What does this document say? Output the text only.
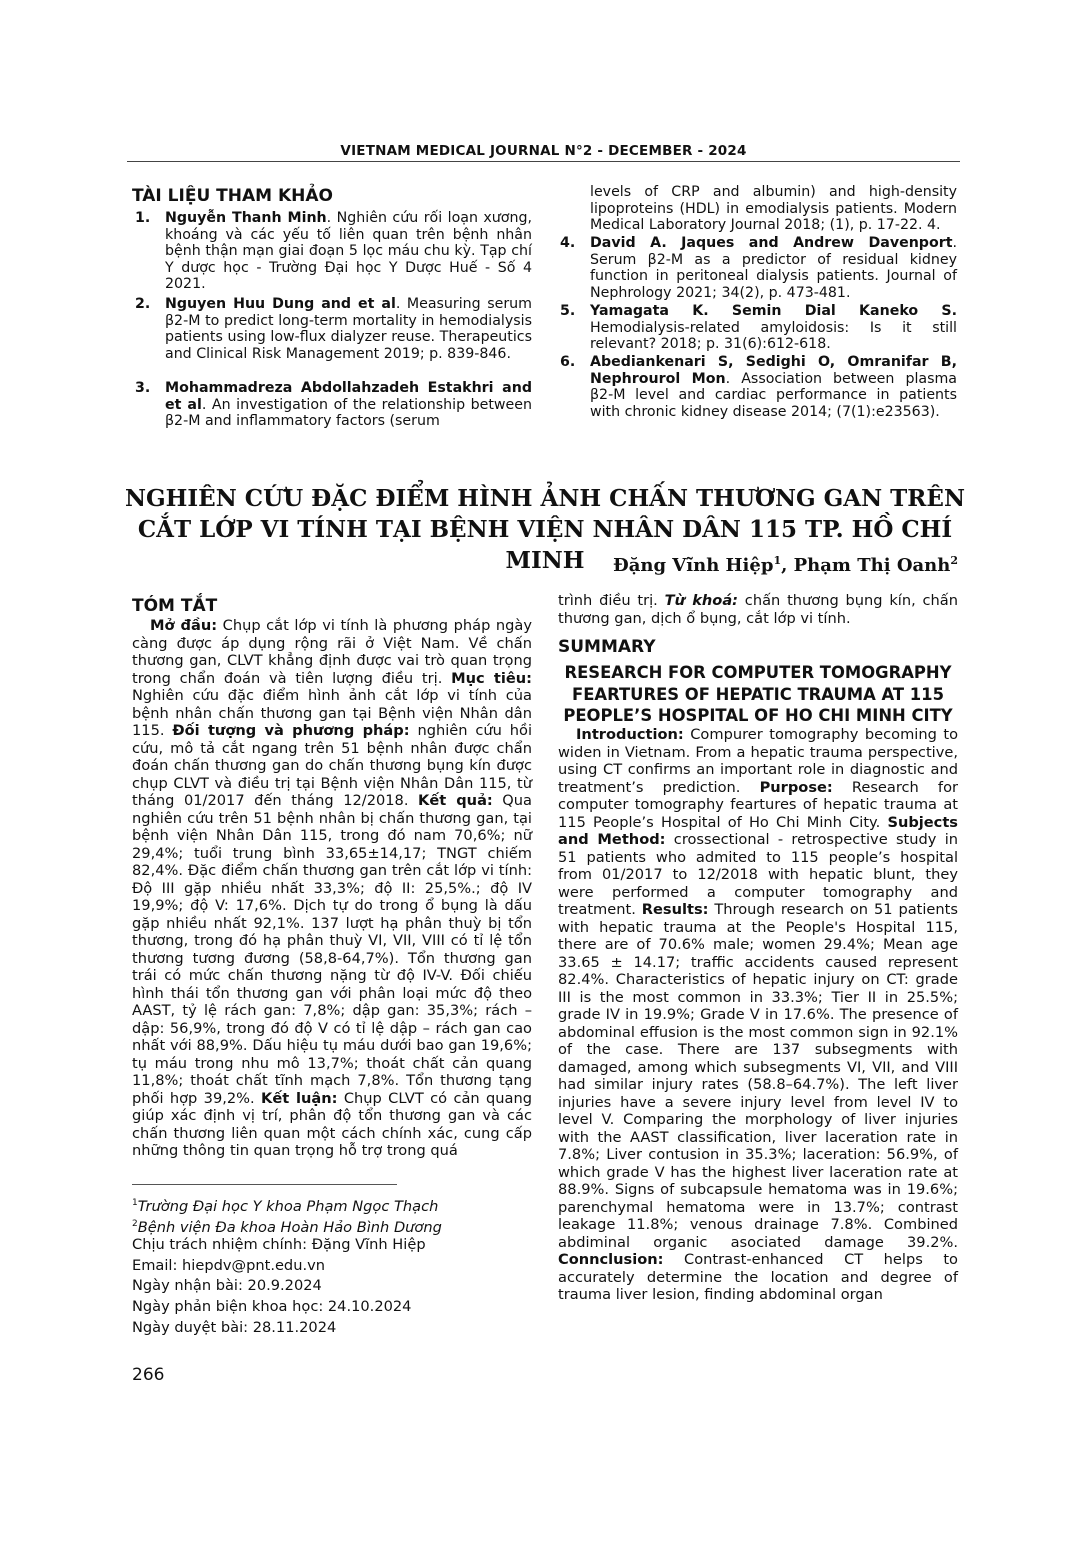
VIETNAM MEDICAL JOURNAL N°2 - DECEMBER - 2024
TÀI LIỆU THAM KHẢO
1. Nguyễn Thanh Minh. Nghiên cứu rối loạn xương, khoáng và các yếu tố liên quan trên bệnh nhân bệnh thận mạn giai đoạn 5 lọc máu chu kỳ. Tạp chí Y dược học - Trường Đại học Y Dược Huế - Số 4 2021.
2. Nguyen Huu Dung and et al. Measuring serum β2-M to predict long-term mortality in hemodialysis patients using low-flux dialyzer reuse. Therapeutics and Clinical Risk Management 2019; p. 839-846.
3. Mohammadreza Abdollahzadeh Estakhri and et al. An investigation of the relationship between β2-M and inflammatory factors (serum
levels of CRP and albumin) and high-density lipoproteins (HDL) in emodialysis patients. Modern Medical Laboratory Journal 2018; (1), p. 17-22. 4.
4. David A. Jaques and Andrew Davenport. Serum β2-M as a predictor of residual kidney function in peritoneal dialysis patients. Journal of Nephrology 2021; 34(2), p. 473-481.
5. Yamagata K. Semin Dial Kaneko S. Hemodialysis-related amyloidosis: Is it still relevant? 2018; p. 31(6):612-618.
6. Abediankenari S, Sedighi O, Omranifar B, Nephrourol Mon. Association between plasma β2-M level and cardiac performance in patients with chronic kidney disease 2014; (7(1):e23563).
NGHIÊN CỨU ĐẶC ĐIỂM HÌNH ẢNH CHẤN THƯƠNG GAN TRÊN
CẮT LỚP VI TÍNH TẠI BỆNH VIỆN NHÂN DÂN 115 TP. HỒ CHÍ MINH	Đặng Vĩnh Hiệp$^1$, Phạm Thị Oanh$^2$
TÓM TẮT
Mở đầu: Chụp cắt lớp vi tính là phương pháp ngày càng được áp dụng rộng rãi ở Việt Nam. Về chấn thương gan, CLVT khẳng định được vai trò quan trọng trong chẩn đoán và tiên lượng điều trị. Mục tiêu: Nghiên cứu đặc điểm hình ảnh cắt lớp vi tính của bệnh nhân chấn thương gan tại Bệnh viện Nhân dân 115. Đối tượng và phương pháp: nghiên cứu hồi cứu, mô tả cắt ngang trên 51 bệnh nhân được chẩn đoán chấn thương gan do chấn thương bụng kín được chụp CLVT và điều trị tại Bệnh viện Nhân Dân 115, từ tháng 01/2017 đến tháng 12/2018. Kết quả: Qua nghiên cứu trên 51 bệnh nhân bị chấn thương gan, tại bệnh viện Nhân Dân 115, trong đó nam 70,6%; nữ 29,4%; tuổi trung bình 33,65±14,17; TNGT chiếm 82,4%. Đặc điểm chấn thương gan trên cắt lớp vi tính: Độ III gặp nhiều nhất 33,3%; độ II: 25,5%.; độ IV 19,9%; độ V: 17,6%. Dịch tự do trong ổ bụng là dấu gặp nhiều nhất 92,1%. 137 lượt hạ phân thuỳ bị tổn thương, trong đó hạ phân thuỳ VI, VII, VIII có tỉ lệ tổn thương tương đương (58,8-64,7%). Tổn thương gan trái có mức chấn thương nặng từ độ IV-V. Đối chiếu hình thái tổn thương gan với phân loại mức độ theo AAST, tỷ lệ rách gan: 7,8%; dập gan: 35,3%; rách – dập: 56,9%, trong đó độ V có tỉ lệ dập – rách gan cao nhất với 88,9%. Dấu hiệu tụ máu dưới bao gan 19,6%; tụ máu trong nhu mô 13,7%; thoát chất cản quang 11,8%; thoát chất tĩnh mạch 7,8%. Tổn thương tạng phối hợp 39,2%. Kết luận: Chụp CLVT có cản quang giúp xác định vị trí, phân độ tổn thương gan và các chấn thương liên quan một cách chính xác, cung cấp những thông tin quan trọng hỗ trợ trong quá
trình điều trị. Từ khoá: chấn thương bụng kín, chấn thương gan, dịch ổ bụng, cắt lớp vi tính.
SUMMARY
RESEARCH FOR COMPUTER TOMOGRAPHY
FEARTURES OF HEPATIC TRAUMA AT 115
PEOPLE’S HOSPITAL OF HO CHI MINH CITY
Introduction: Compurer tomography becoming to widen in Vietnam. From a hepatic trauma perspective, using CT confirms an important role in diagnostic and treatment’s prediction. Purpose: Research for computer tomography feartures of hepatic trauma at 115 People’s Hospital of Ho Chi Minh City. Subjects and Method: crossectional - retrospective study in 51 patients who admited to 115 people’s hospital from 01/2017 to 12/2018 with hepatic blunt, they were performed a computer tomography and treatment. Results: Through research on 51 patients with hepatic trauma at the People's Hospital 115, there are of 70.6% male; women 29.4%; Mean age 33.65 ± 14.17; traffic accidents caused represent 82.4%. Characteristics of hepatic injury on CT: grade III is the most common in 33.3%; Tier II in 25.5%; grade IV in 19.9%; Grade V in 17.6%. The presence of abdominal effusion is the most common sign in 92.1% of the case. There are 137 subsegments with damaged, among which subsegments VI, VII, and VIII had similar injury rates (58.8–64.7%). The left liver injuries have a severe injury level from level IV to level V. Comparing the morphology of liver injuries with the AAST classification, liver laceration rate in 7.8%; Liver contusion in 35.3%; laceration: 56.9%, of which grade V has the highest liver laceration rate at 88.9%. Signs of subcapsule hematoma was in 19.6%; parenchymal hematoma were in 13.7%; contrast leakage 11.8%; venous drainage 7.8%. Combined abdiminal organic asociated damage 39.2%. Connclusion: Contrast-enhanced CT helps to accurately determine the location and degree of trauma liver lesion, finding abdominal organ
$^1$Trường Đại học Y khoa Phạm Ngọc Thạch
$^2$Bệnh viện Đa khoa Hoàn Hảo Bình Dương
Chịu trách nhiệm chính: Đặng Vĩnh Hiệp
Email: hiepdv@pnt.edu.vn
Ngày nhận bài: 20.9.2024
Ngày phản biện khoa học: 24.10.2024
Ngày duyệt bài: 28.11.2024
266
